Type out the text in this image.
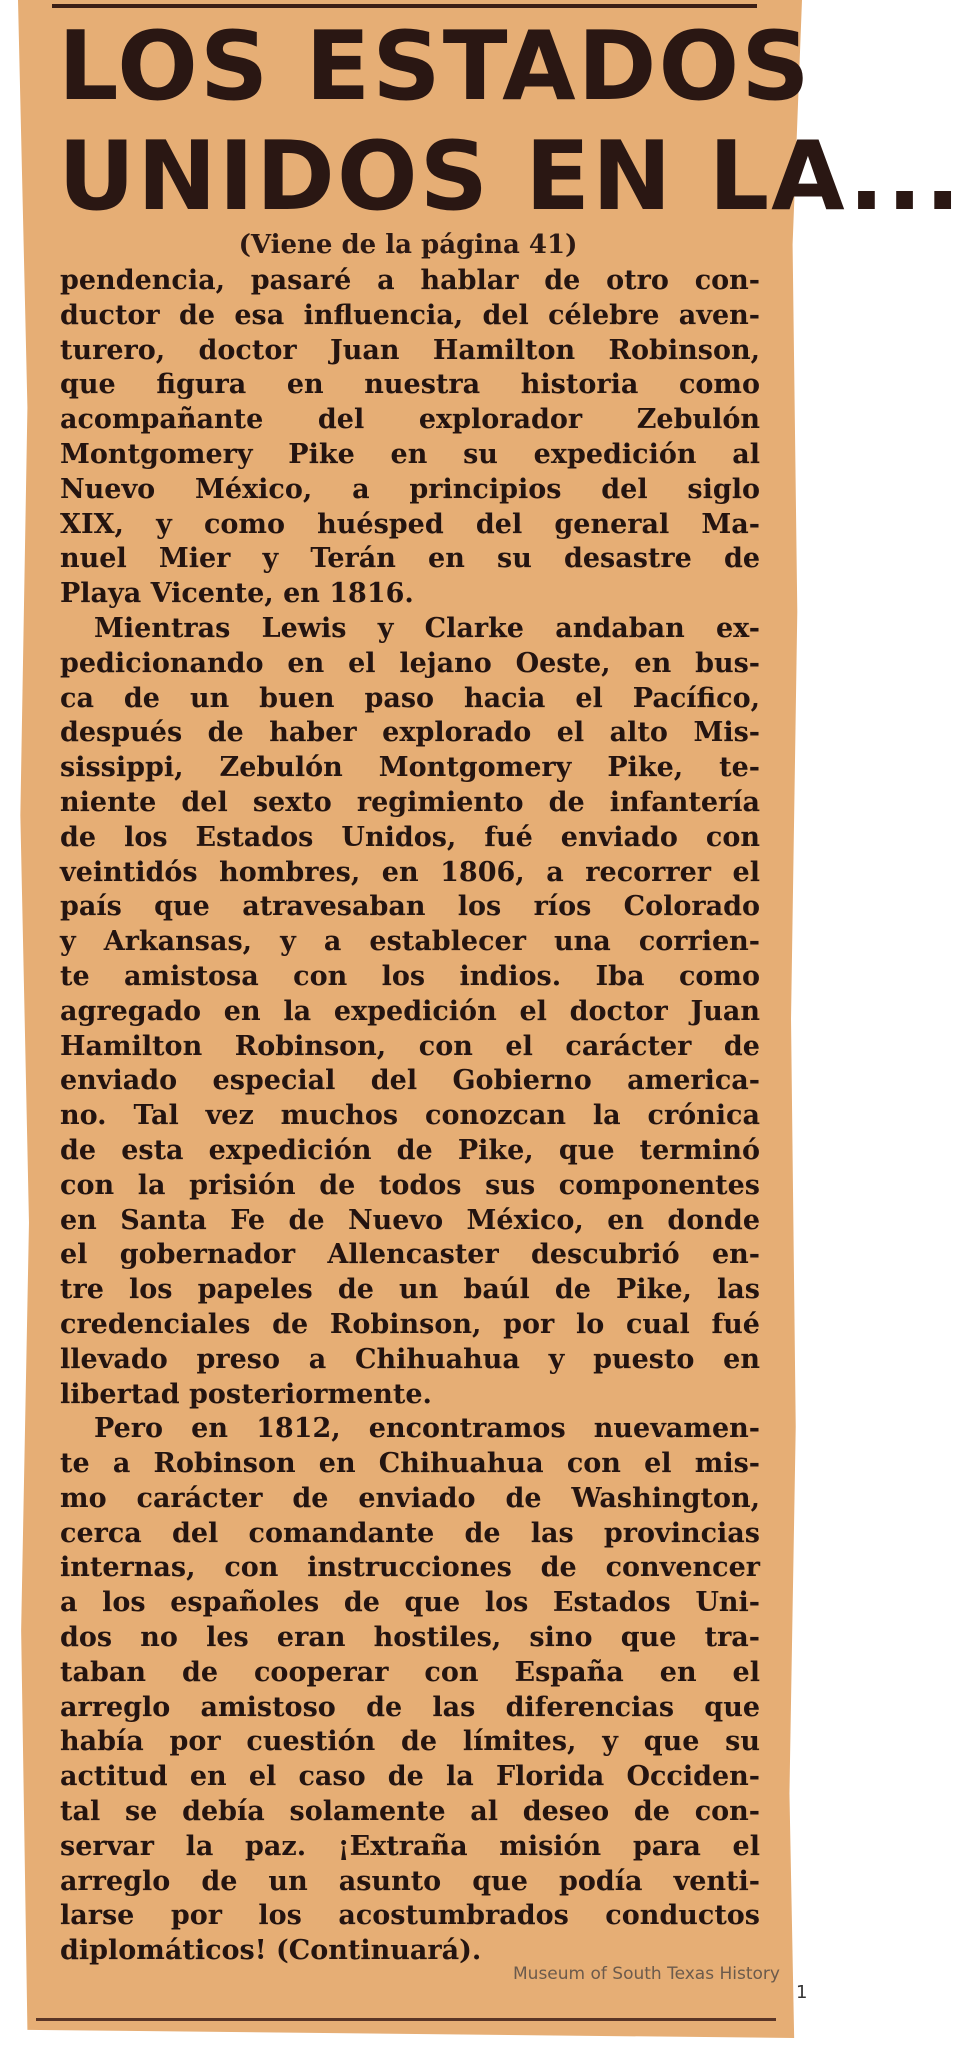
LOS ESTADOS
UNIDOS EN LA...

(Viene de la página 41)

pendencia, pasaré a hablar de otro con-
ductor de esa influencia, del célebre aven-
turero, doctor Juan Hamilton Robinson,
que figura en nuestra historia como
acompañante del explorador Zebulón
Montgomery Pike en su expedición al
Nuevo México, a principios del siglo
XIX, y como huésped del general Ma-
nuel Mier y Terán en su desastre de
Playa Vicente, en 1816.
Mientras Lewis y Clarke andaban ex-
pedicionando en el lejano Oeste, en bus-
ca de un buen paso hacia el Pacífico,
después de haber explorado el alto Mis-
sissippi, Zebulón Montgomery Pike, te-
niente del sexto regimiento de infantería
de los Estados Unidos, fué enviado con
veintidós hombres, en 1806, a recorrer el
país que atravesaban los ríos Colorado
y Arkansas, y a establecer una corrien-
te amistosa con los indios. Iba como
agregado en la expedición el doctor Juan
Hamilton Robinson, con el carácter de
enviado especial del Gobierno america-
no. Tal vez muchos conozcan la crónica
de esta expedición de Pike, que terminó
con la prisión de todos sus componentes
en Santa Fe de Nuevo México, en donde
el gobernador Allencaster descubrió en-
tre los papeles de un baúl de Pike, las
credenciales de Robinson, por lo cual fué
llevado preso a Chihuahua y puesto en
libertad posteriormente.
Pero en 1812, encontramos nuevamen-
te a Robinson en Chihuahua con el mis-
mo carácter de enviado de Washington,
cerca del comandante de las provincias
internas, con instrucciones de convencer
a los españoles de que los Estados Uni-
dos no les eran hostiles, sino que tra-
taban de cooperar con España en el
arreglo amistoso de las diferencias que
había por cuestión de límites, y que su
actitud en el caso de la Florida Occiden-
tal se debía solamente al deseo de con-
servar la paz. ¡Extraña misión para el
arreglo de un asunto que podía venti-
larse por los acostumbrados conductos
diplomáticos! (Continuará).
Museum of South Texas History
1
